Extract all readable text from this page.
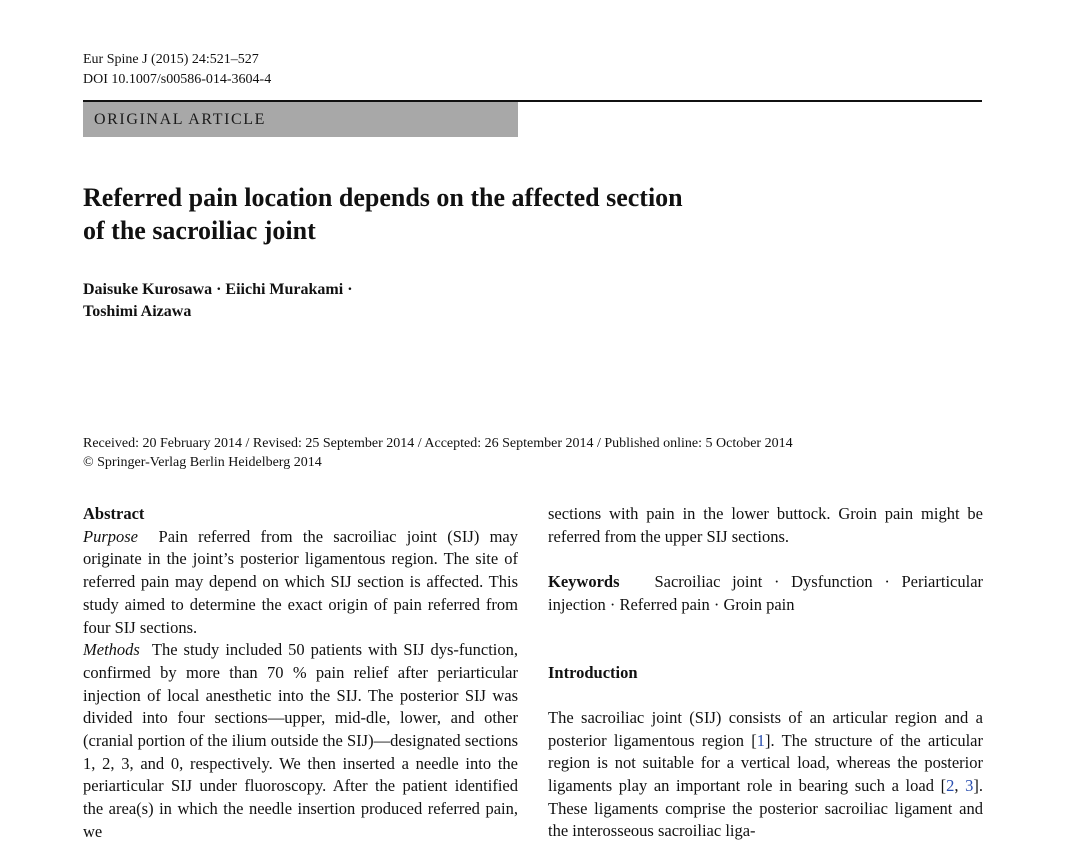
Eur Spine J (2015) 24:521–527
DOI 10.1007/s00586-014-3604-4
ORIGINAL ARTICLE
Referred pain location depends on the affected section
of the sacroiliac joint
Daisuke Kurosawa · Eiichi Murakami ·
Toshimi Aizawa
Received: 20 February 2014 / Revised: 25 September 2014 / Accepted: 26 September 2014 / Published online: 5 October 2014
© Springer-Verlag Berlin Heidelberg 2014

Abstract

Purpose Pain referred from the sacroiliac joint (SIJ) may originate in the joint’s posterior ligamentous region. The site of referred pain may depend on which SIJ section is affected. This study aimed to determine the exact origin of pain referred from four SIJ sections.

Methods The study included 50 patients with SIJ dys-function, confirmed by more than 70 % pain relief after periarticular injection of local anesthetic into the SIJ. The posterior SIJ was divided into four sections—upper, mid-dle, lower, and other (cranial portion of the ilium outside the SIJ)—designated sections 1, 2, 3, and 0, respectively. We then inserted a needle into the periarticular SIJ under fluoroscopy. After the patient identified the area(s) in which the needle insertion produced referred pain, we

sections with pain in the lower buttock. Groin pain might be referred from the upper SIJ sections.

Keywords Sacroiliac joint · Dysfunction · Periarticular injection · Referred pain · Groin pain

Introduction

The sacroiliac joint (SIJ) consists of an articular region and a posterior ligamentous region [1]. The structure of the articular region is not suitable for a vertical load, whereas the posterior ligaments play an important role in bearing such a load [2, 3]. These ligaments comprise the posterior sacroiliac ligament and the interosseous sacroiliac liga-
